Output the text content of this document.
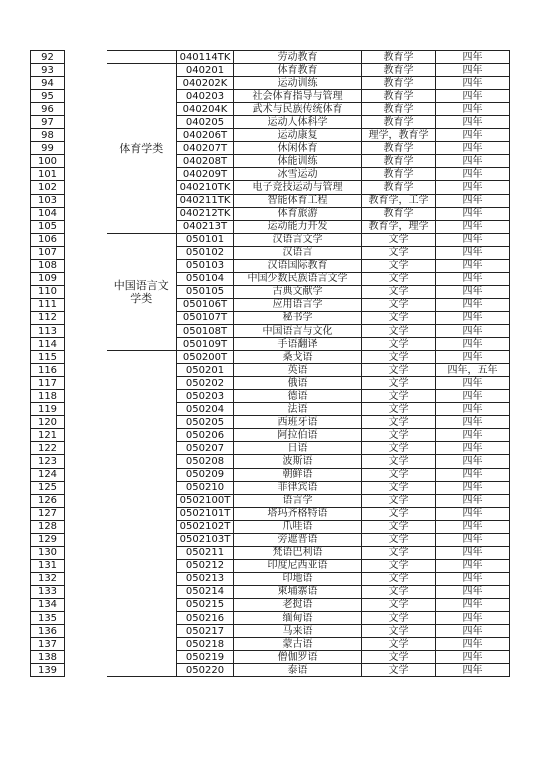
92			040114TK	劳动教育	教育学	四年
93		体育学类	040201	体育教育	教育学	四年
94			040202K	运动训练	教育学	四年
95			040203	社会体育指导与管理	教育学	四年
96			040204K	武术与民族传统体育	教育学	四年
97			040205	运动人体科学	教育学	四年
98			040206T	运动康复	理学，教育学	四年
99			040207T	休闲体育	教育学	四年
100			040208T	体能训练	教育学	四年
101			040209T	冰雪运动	教育学	四年
102			040210TK	电子竞技运动与管理	教育学	四年
103			040211TK	智能体育工程	教育学，工学	四年
104			040212TK	体育旅游	教育学	四年
105			040213T	运动能力开发	教育学，理学	四年
106		中国语言文学类	050101	汉语言文学	文学	四年
107			050102	汉语言	文学	四年
108			050103	汉语国际教育	文学	四年
109			050104	中国少数民族语言文学	文学	四年
110			050105	古典文献学	文学	四年
111			050106T	应用语言学	文学	四年
112			050107T	秘书学	文学	四年
113			050108T	中国语言与文化	文学	四年
114			050109T	手语翻译	文学	四年
115			050200T	桑戈语	文学	四年
116			050201	英语	文学	四年，五年
117			050202	俄语	文学	四年
118			050203	德语	文学	四年
119			050204	法语	文学	四年
120			050205	西班牙语	文学	四年
121			050206	阿拉伯语	文学	四年
122			050207	日语	文学	四年
123			050208	波斯语	文学	四年
124			050209	朝鲜语	文学	四年
125			050210	菲律宾语	文学	四年
126			0502100T	语言学	文学	四年
127			0502101T	塔玛齐格特语	文学	四年
128			0502102T	爪哇语	文学	四年
129			0502103T	旁遮普语	文学	四年
130			050211	梵语巴利语	文学	四年
131			050212	印度尼西亚语	文学	四年
132			050213	印地语	文学	四年
133			050214	柬埔寨语	文学	四年
134			050215	老挝语	文学	四年
135			050216	缅甸语	文学	四年
136			050217	马来语	文学	四年
137			050218	蒙古语	文学	四年
138			050219	僧伽罗语	文学	四年
139			050220	泰语	文学	四年
